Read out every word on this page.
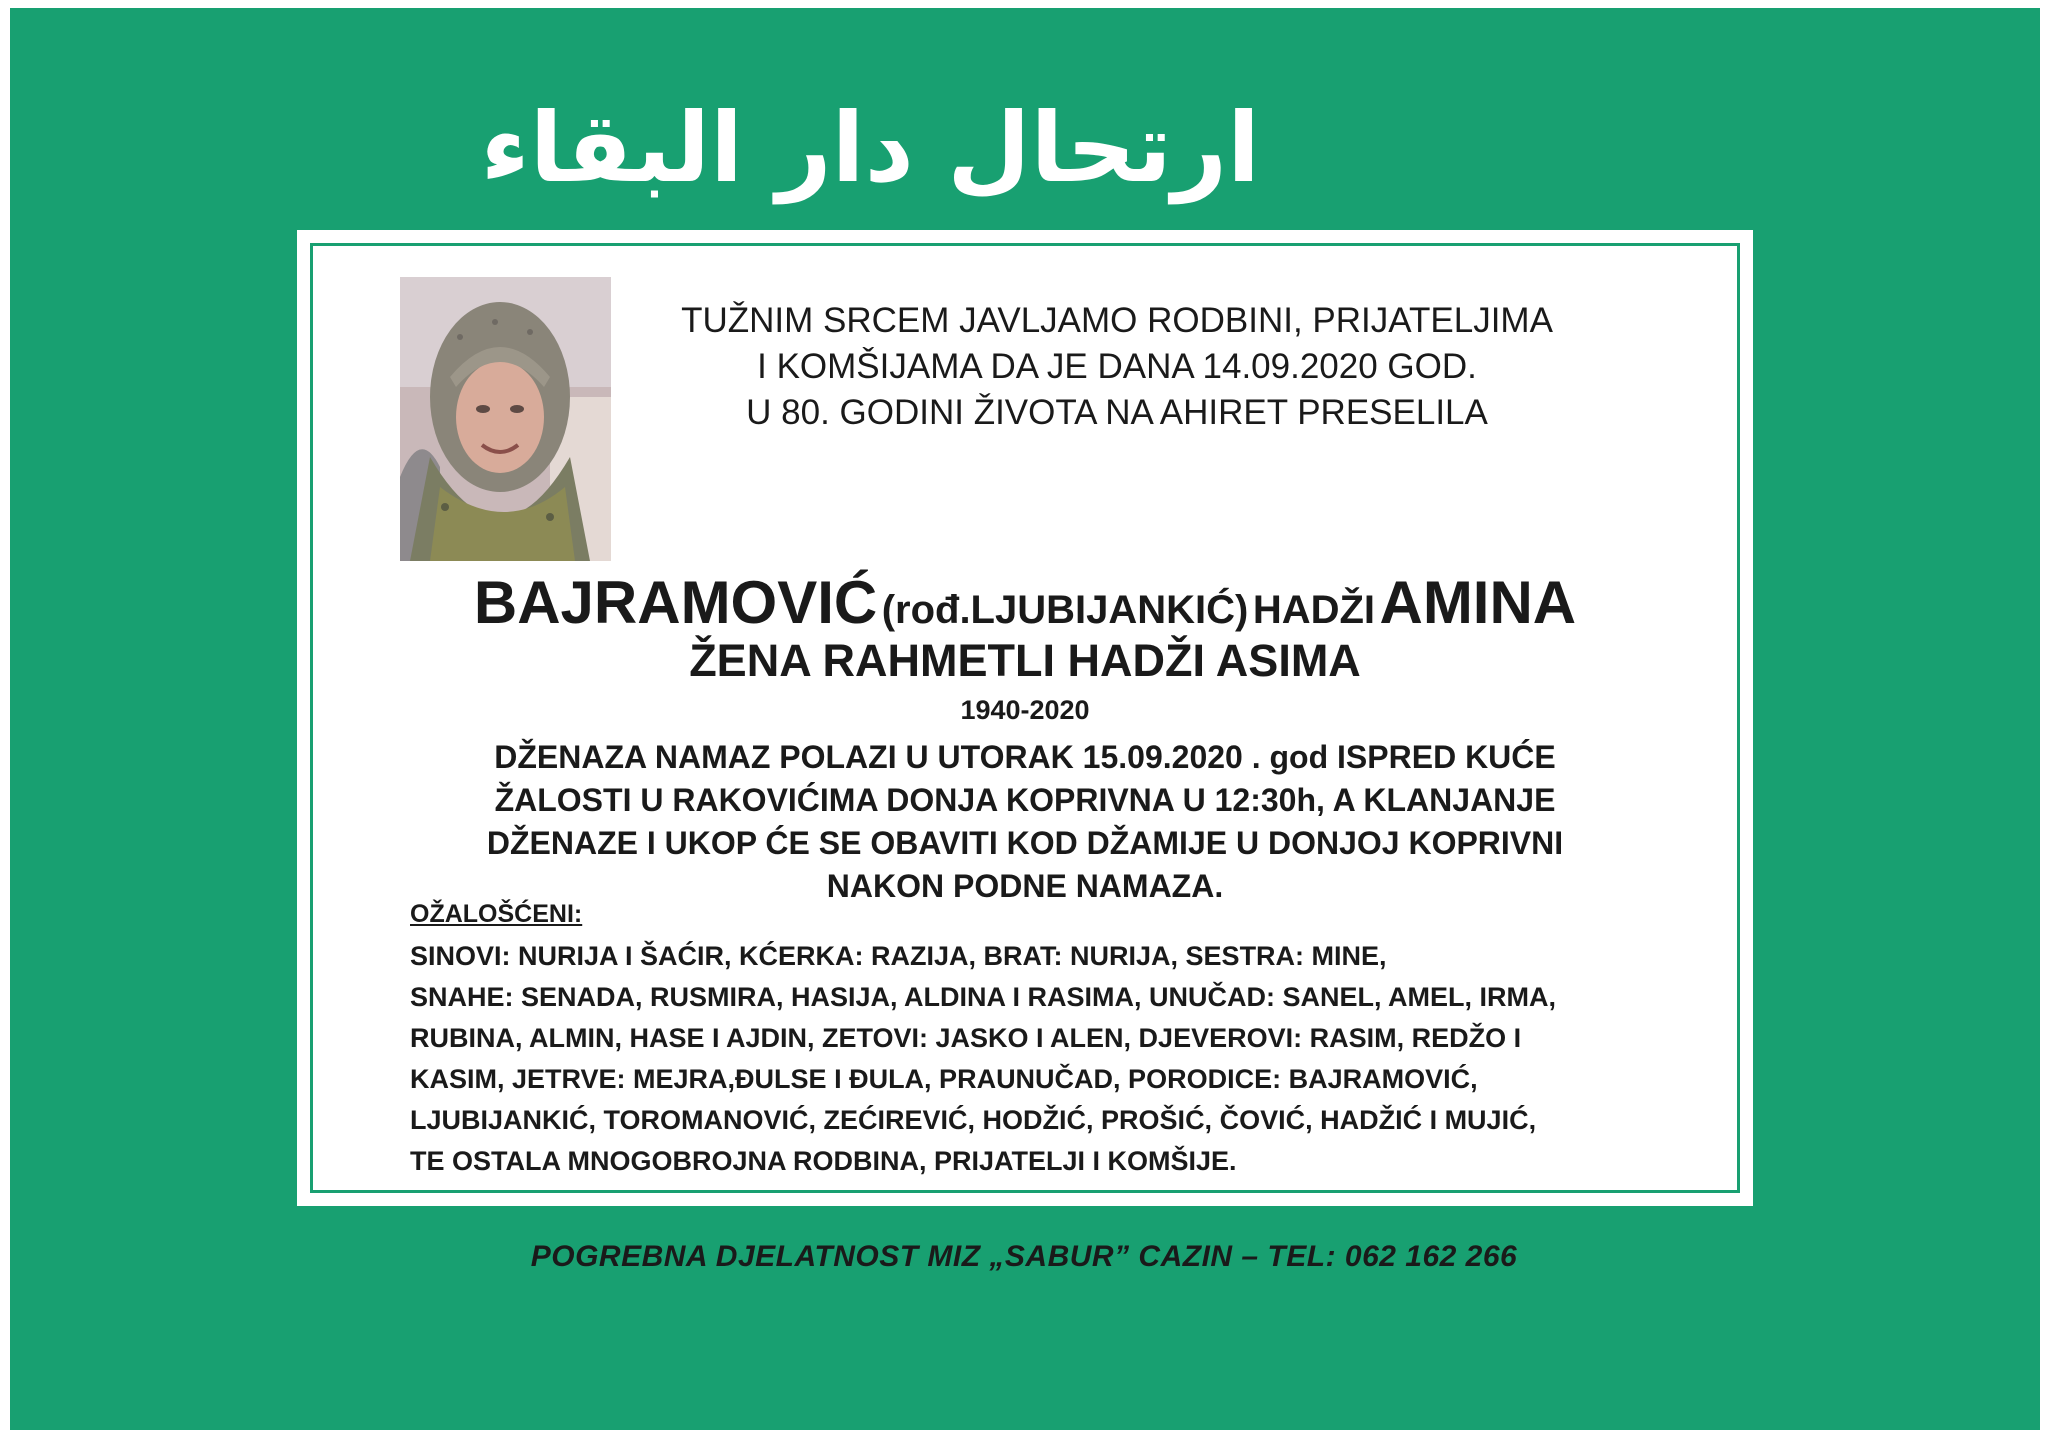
ارتحال دار البقاء
TUŽNIM SRCEM JAVLJAMO RODBINI, PRIJATELJIMA
I KOMŠIJAMA DA JE DANA 14.09.2020 GOD.
U 80. GODINI ŽIVOTA NA AHIRET PRESELILA
BAJRAMOVIĆ (rođ.LJUBIJANKIĆ) HADŽI AMINA
ŽENA RAHMETLI HADŽI ASIMA
1940-2020
DŽENAZA NAMAZ POLAZI U UTORAK 15.09.2020 . god ISPRED KUĆE
ŽALOSTI U RAKOVIĆIMA DONJA KOPRIVNA U 12:30h, A KLANJANJE
DŽENAZE I UKOP ĆE SE OBAVITI KOD DŽAMIJE U DONJOJ KOPRIVNI
NAKON PODNE NAMAZA.
OŽALOŠĆENI:
SINOVI: NURIJA I ŠAĆIR, KĆERKA: RAZIJA, BRAT: NURIJA, SESTRA: MINE,
SNAHE: SENADA, RUSMIRA, HASIJA, ALDINA I RASIMA, UNUČAD: SANEL, AMEL, IRMA,
RUBINA, ALMIN, HASE I AJDIN, ZETOVI: JASKO I ALEN, DJEVEROVI: RASIM, REDŽO I
KASIM, JETRVE: MEJRA,ĐULSE I ĐULA, PRAUNUČAD, PORODICE: BAJRAMOVIĆ,
LJUBIJANKIĆ, TOROMANOVIĆ, ZEĆIREVIĆ, HODŽIĆ, PROŠIĆ, ČOVIĆ, HADŽIĆ I MUJIĆ,
TE OSTALA MNOGOBROJNA RODBINA, PRIJATELJI I KOMŠIJE.
POGREBNA DJELATNOST MIZ „SABUR” CAZIN – TEL: 062 162 266
